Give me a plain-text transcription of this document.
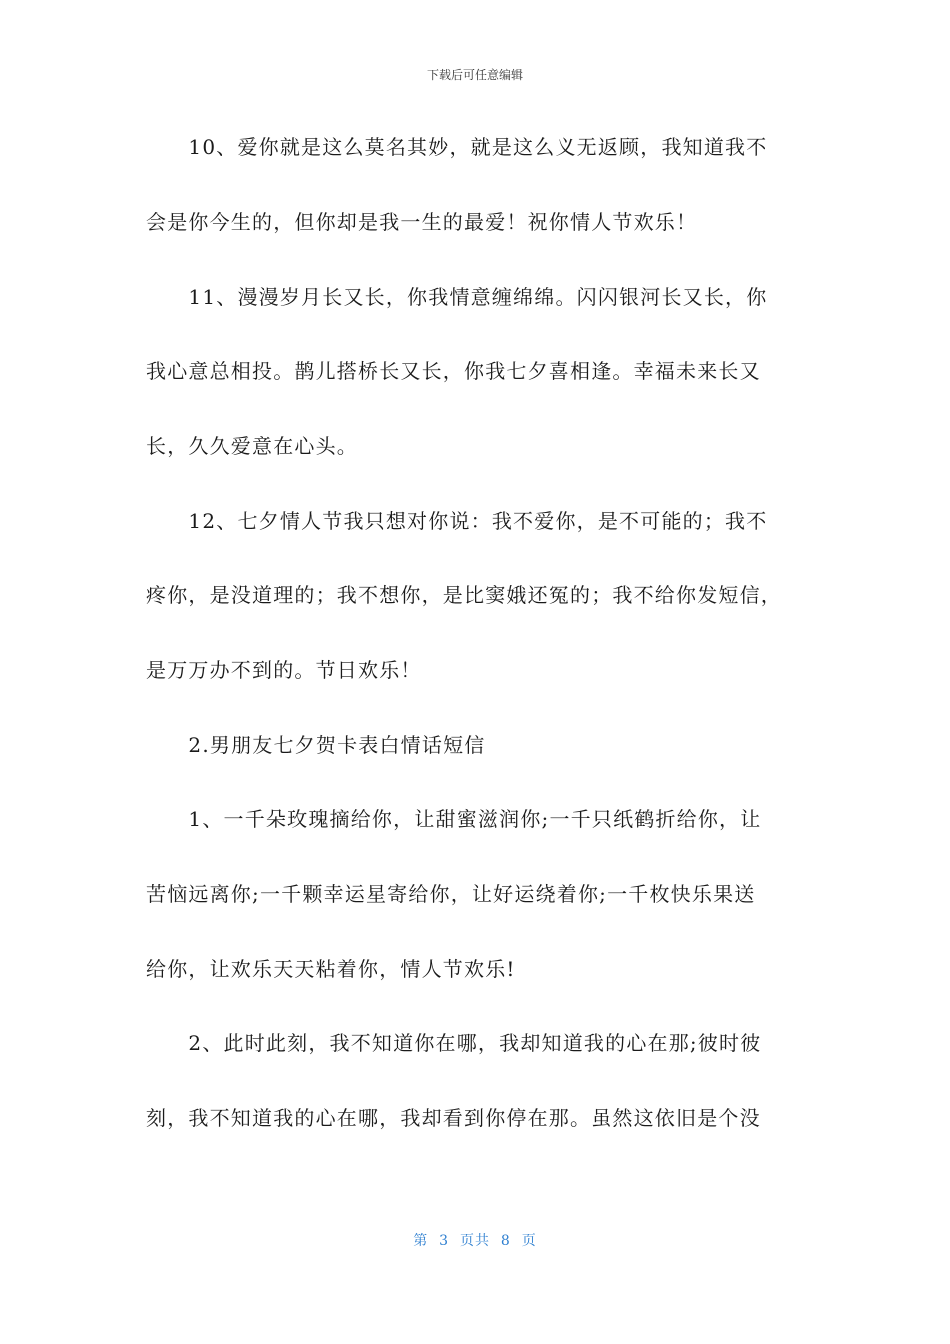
下载后可任意编辑
　　10、爱你就是这么莫名其妙，就是这么义无返顾，我知道我不
会是你今生的，但你却是我一生的最爱！祝你情人节欢乐！
　　11、漫漫岁月长又长，你我情意缠绵绵。闪闪银河长又长，你
我心意总相投。鹊儿搭桥长又长，你我七夕喜相逢。幸福未来长又
长，久久爱意在心头。
　　12、七夕情人节我只想对你说：我不爱你，是不可能的；我不
疼你，是没道理的；我不想你，是比窦娥还冤的；我不给你发短信，
是万万办不到的。节日欢乐！
　　2.男朋友七夕贺卡表白情话短信
　　1、一千朵玫瑰摘给你，让甜蜜滋润你;一千只纸鹤折给你，让
苦恼远离你;一千颗幸运星寄给你，让好运绕着你;一千枚快乐果送
给你，让欢乐天天粘着你，情人节欢乐!
　　2、此时此刻，我不知道你在哪，我却知道我的心在那;彼时彼
刻，我不知道我的心在哪，我却看到你停在那。虽然这依旧是个没
第  3  页共  8  页
